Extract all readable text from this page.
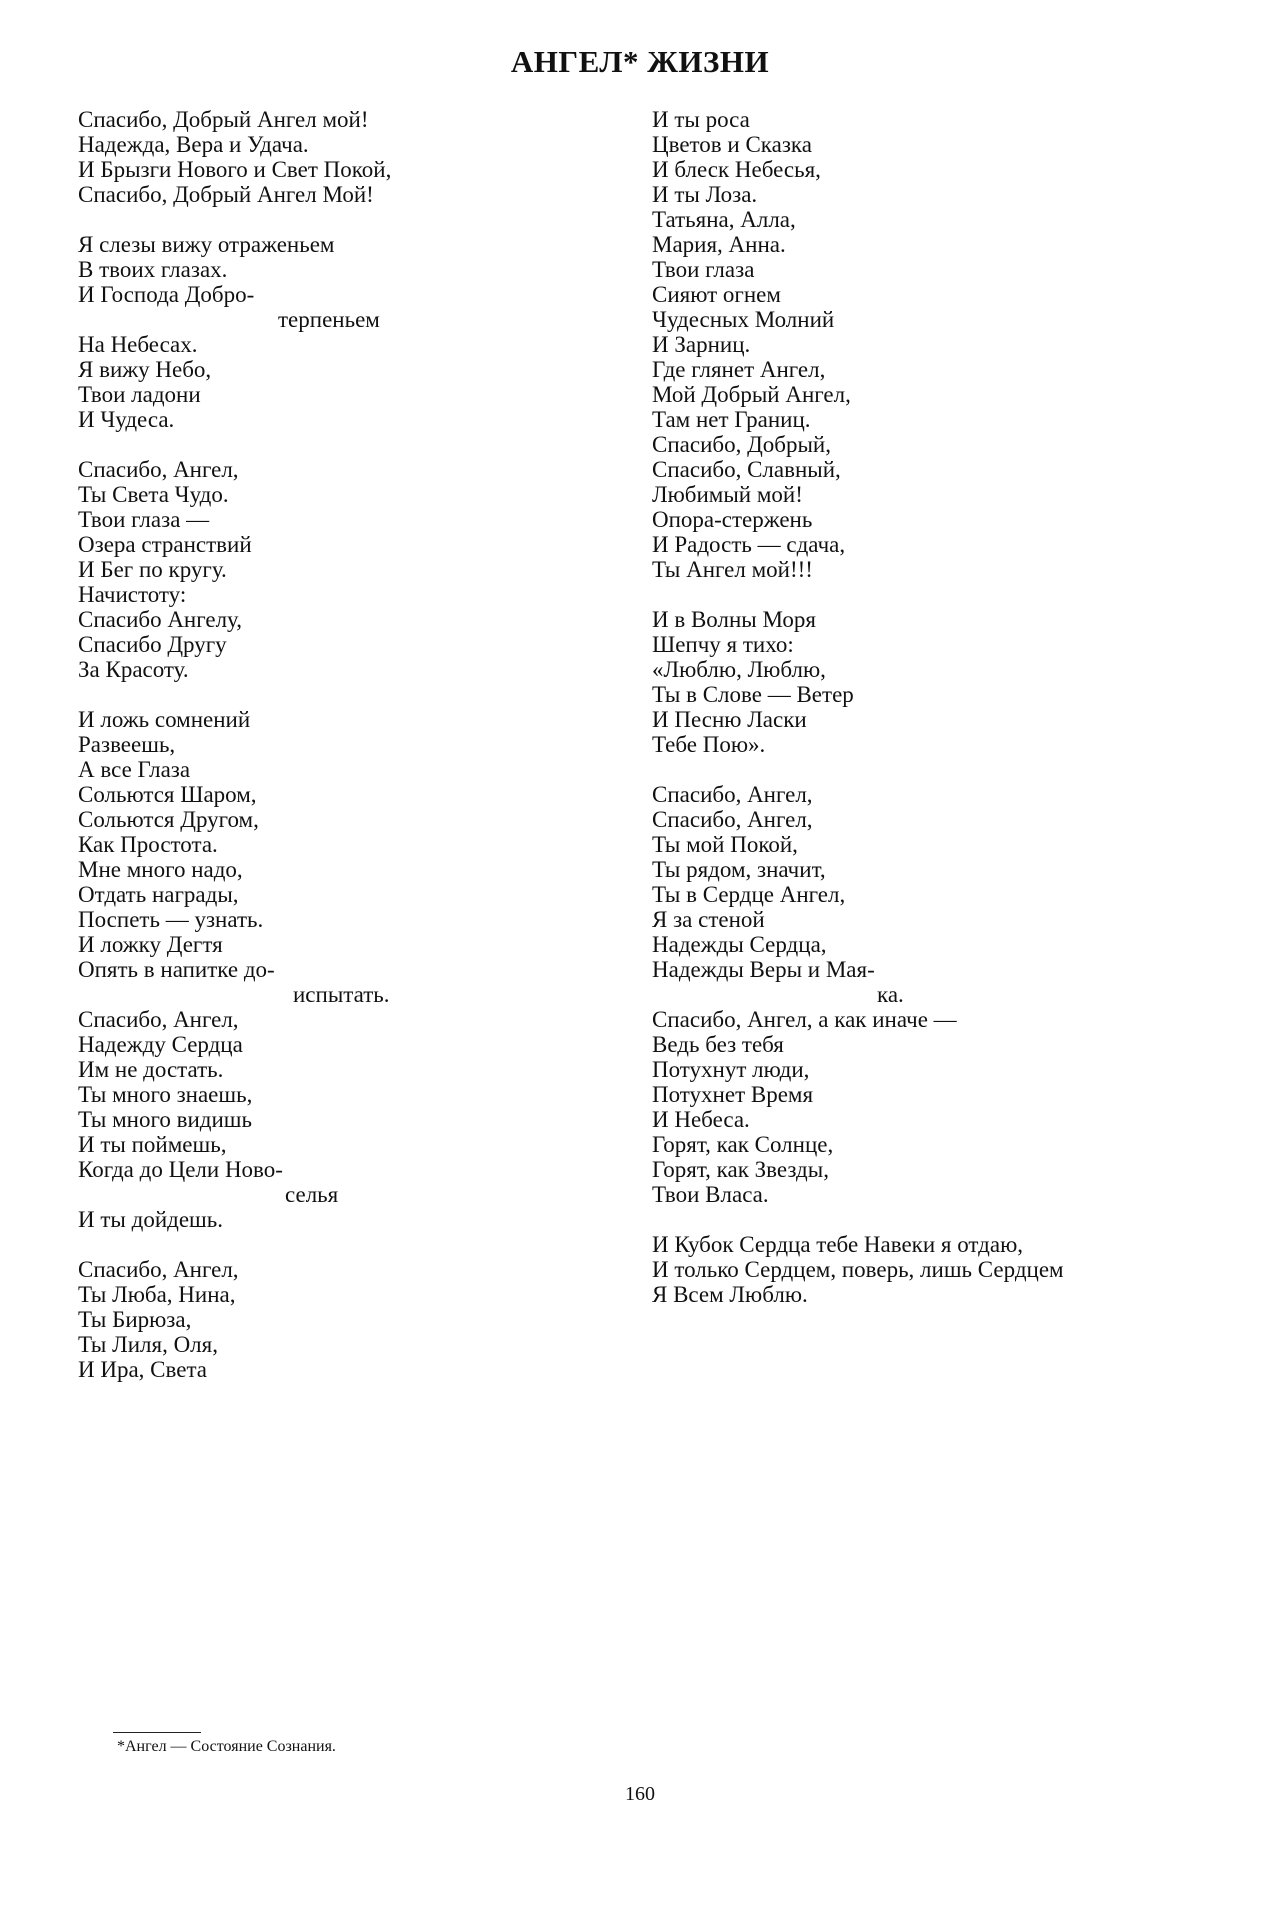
АНГЕЛ* ЖИЗНИ
Спасибо, Добрый Ангел мой!
Надежда, Вера и Удача.
И Брызги Нового и Свет Покой,
Спасибо, Добрый Ангел Мой!
Я слезы вижу отраженьем
В твоих глазах.
И Господа Добро-
терпеньем
На Небесах.
Я вижу Небо,
Твои ладони
И Чудеса.
Спасибо, Ангел,
Ты Света Чудо.
Твои глаза —
Озера странствий
И Бег по кругу.
Начистоту:
Спасибо Ангелу,
Спасибо Другу
За Красоту.
И ложь сомнений
Развеешь,
А все Глаза
Сольются Шаром,
Сольются Другом,
Как Простота.
Мне много надо,
Отдать награды,
Поспеть — узнать.
И ложку Дегтя
Опять в напитке до-
испытать.
Спасибо, Ангел,
Надежду Сердца
Им не достать.
Ты много знаешь,
Ты много видишь
И ты поймешь,
Когда до Цели Ново-
селья
И ты дойдешь.
Спасибо, Ангел,
Ты Люба, Нина,
Ты Бирюза,
Ты Лиля, Оля,
И Ира, Света
И ты роса
Цветов и Сказка
И блеск Небесья,
И ты Лоза.
Татьяна, Алла,
Мария, Анна.
Твои глаза
Сияют огнем
Чудесных Молний
И Зарниц.
Где глянет Ангел,
Мой Добрый Ангел,
Там нет Границ.
Спасибо, Добрый,
Спасибо, Славный,
Любимый мой!
Опора-стержень
И Радость — сдача,
Ты Ангел мой!!!
И в Волны Моря
Шепчу я тихо:
«Люблю, Люблю,
Ты в Слове — Ветер
И Песню Ласки
Тебе Пою».
Спасибо, Ангел,
Спасибо, Ангел,
Ты мой Покой,
Ты рядом, значит,
Ты в Сердце Ангел,
Я за стеной
Надежды Сердца,
Надежды Веры и Мая-
ка.
Спасибо, Ангел, а как иначе —
Ведь без тебя
Потухнут люди,
Потухнет Время
И Небеса.
Горят, как Солнце,
Горят, как Звезды,
Твои Власа.
И Кубок Сердца тебе Навеки я отдаю,
И только Сердцем, поверь, лишь Сердцем
Я Всем Люблю.
*Ангел — Состояние Сознания.
160
